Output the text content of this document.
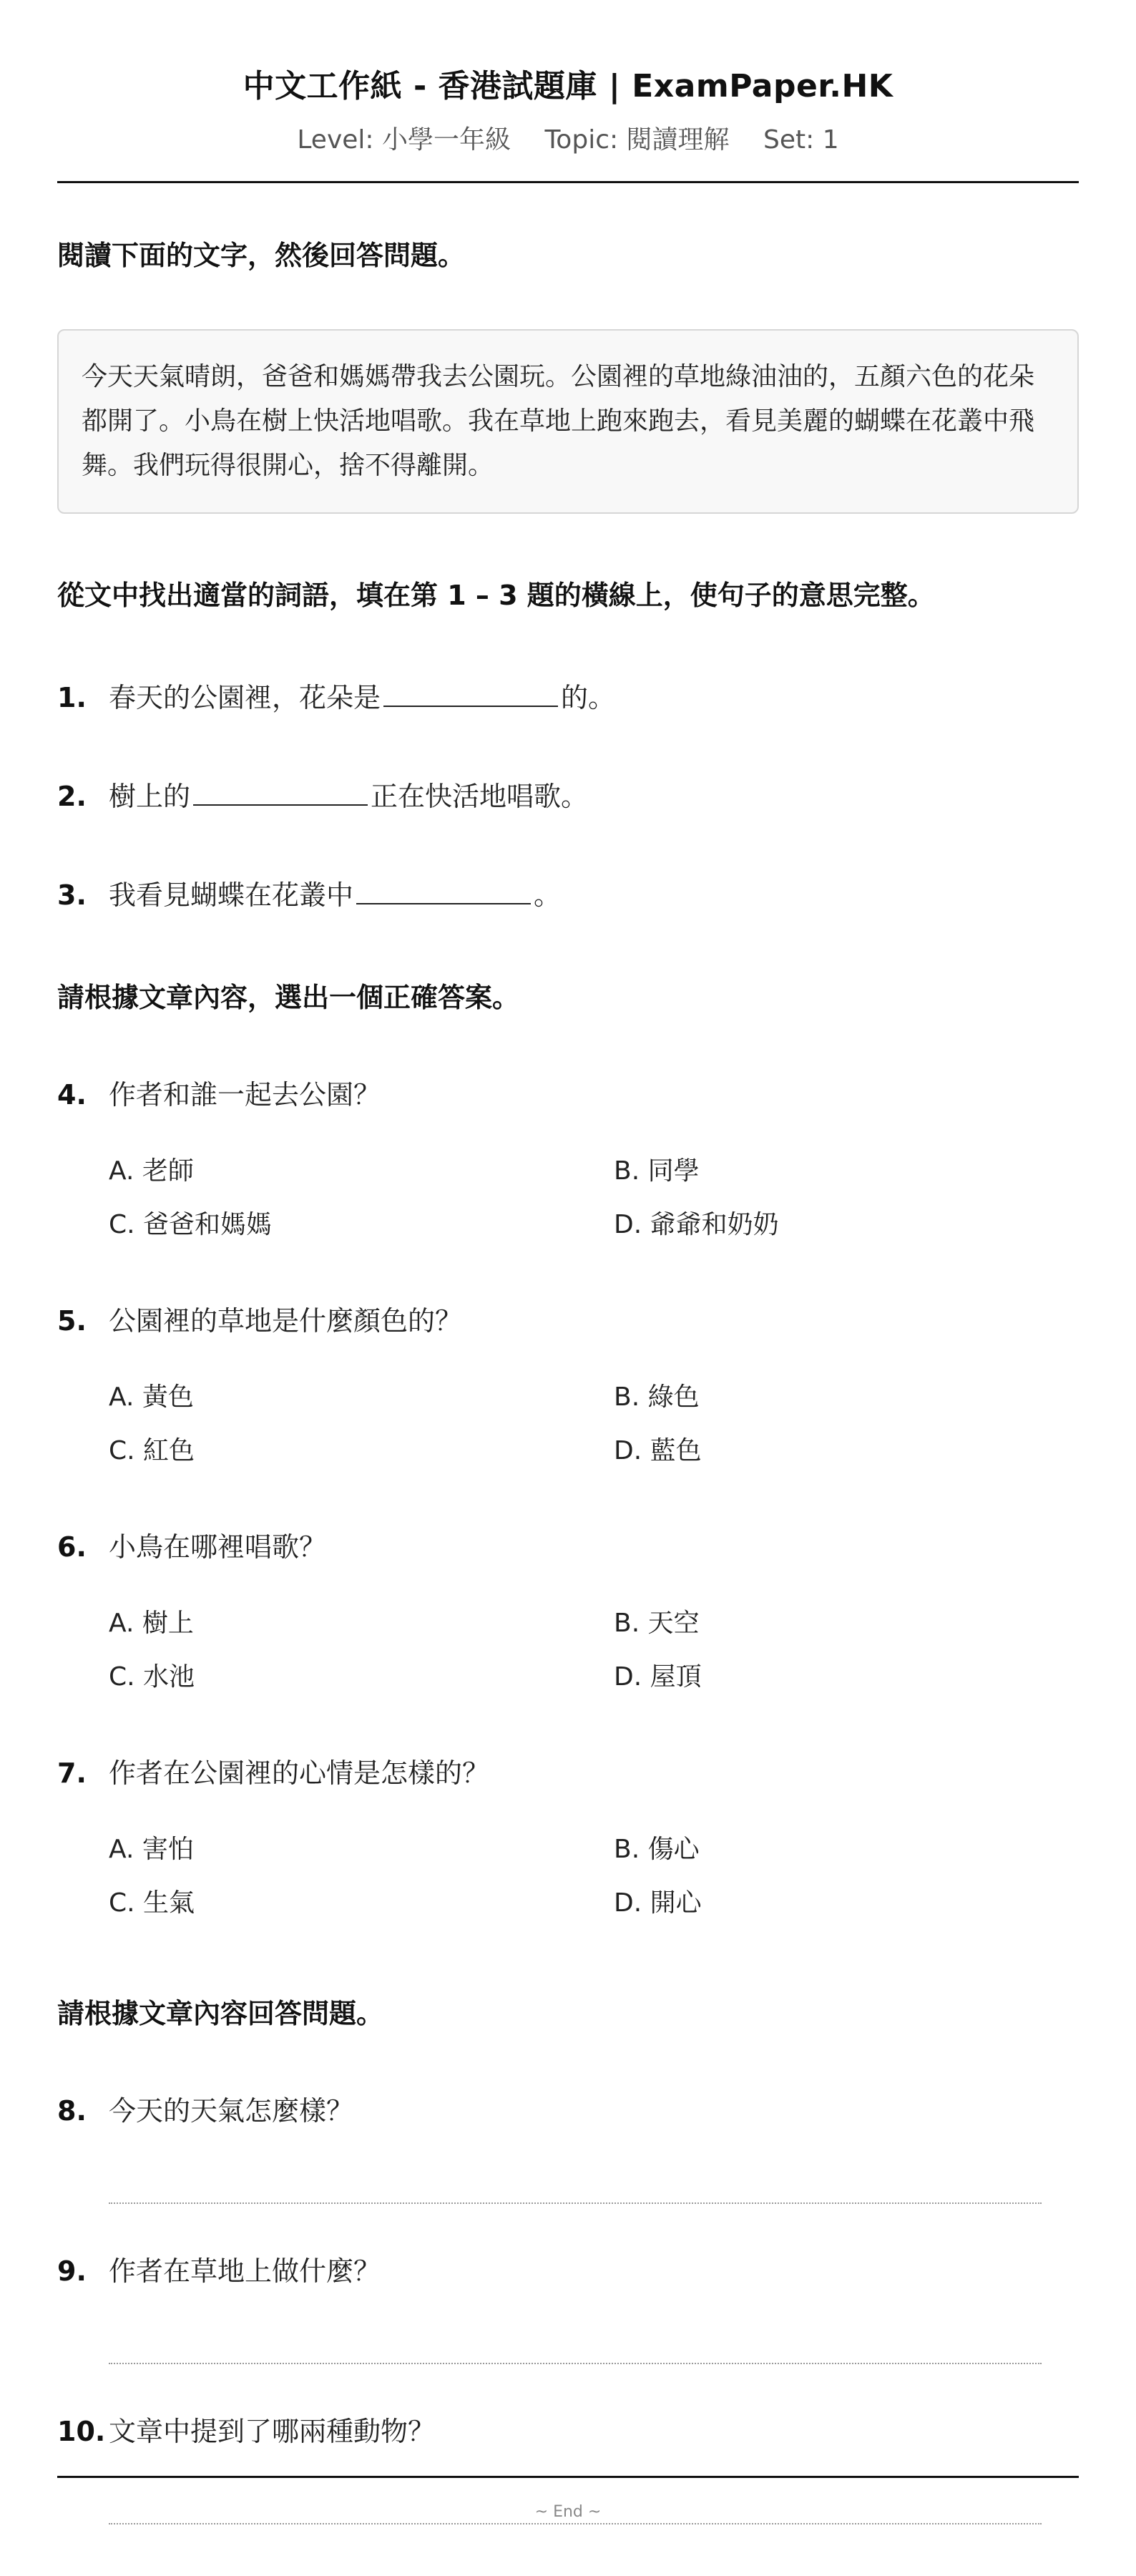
中文工作紙 - 香港試題庫 | ExamPaper.HK
Level: 小學一年級 Topic: 閱讀理解 Set: 1
閱讀下面的文字，然後回答問題。
今天天氣晴朗，爸爸和媽媽帶我去公園玩。公園裡的草地綠油油的，五顏六色的花朵都開了。小鳥在樹上快活地唱歌。我在草地上跑來跑去，看見美麗的蝴蝶在花叢中飛舞。我們玩得很開心，捨不得離開。
從文中找出適當的詞語，填在第 1 – 3 題的橫線上，使句子的意思完整。
1. 春天的公園裡，花朵是	的。
2. 樹上的	正在快活地唱歌。
3. 我看見蝴蝶在花叢中	。
請根據文章內容，選出一個正確答案。
4. 作者和誰一起去公園？
A. 老師	B. 同學
C. 爸爸和媽媽	D. 爺爺和奶奶
5. 公園裡的草地是什麼顏色的？
A. 黃色	B. 綠色
C. 紅色	D. 藍色
6. 小鳥在哪裡唱歌？
A. 樹上	B. 天空
C. 水池	D. 屋頂
7. 作者在公園裡的心情是怎樣的？
A. 害怕	B. 傷心
C. 生氣	D. 開心
請根據文章內容回答問題。
8. 今天的天氣怎麼樣？
9. 作者在草地上做什麼？
10. 文章中提到了哪兩種動物？
~ End ~
